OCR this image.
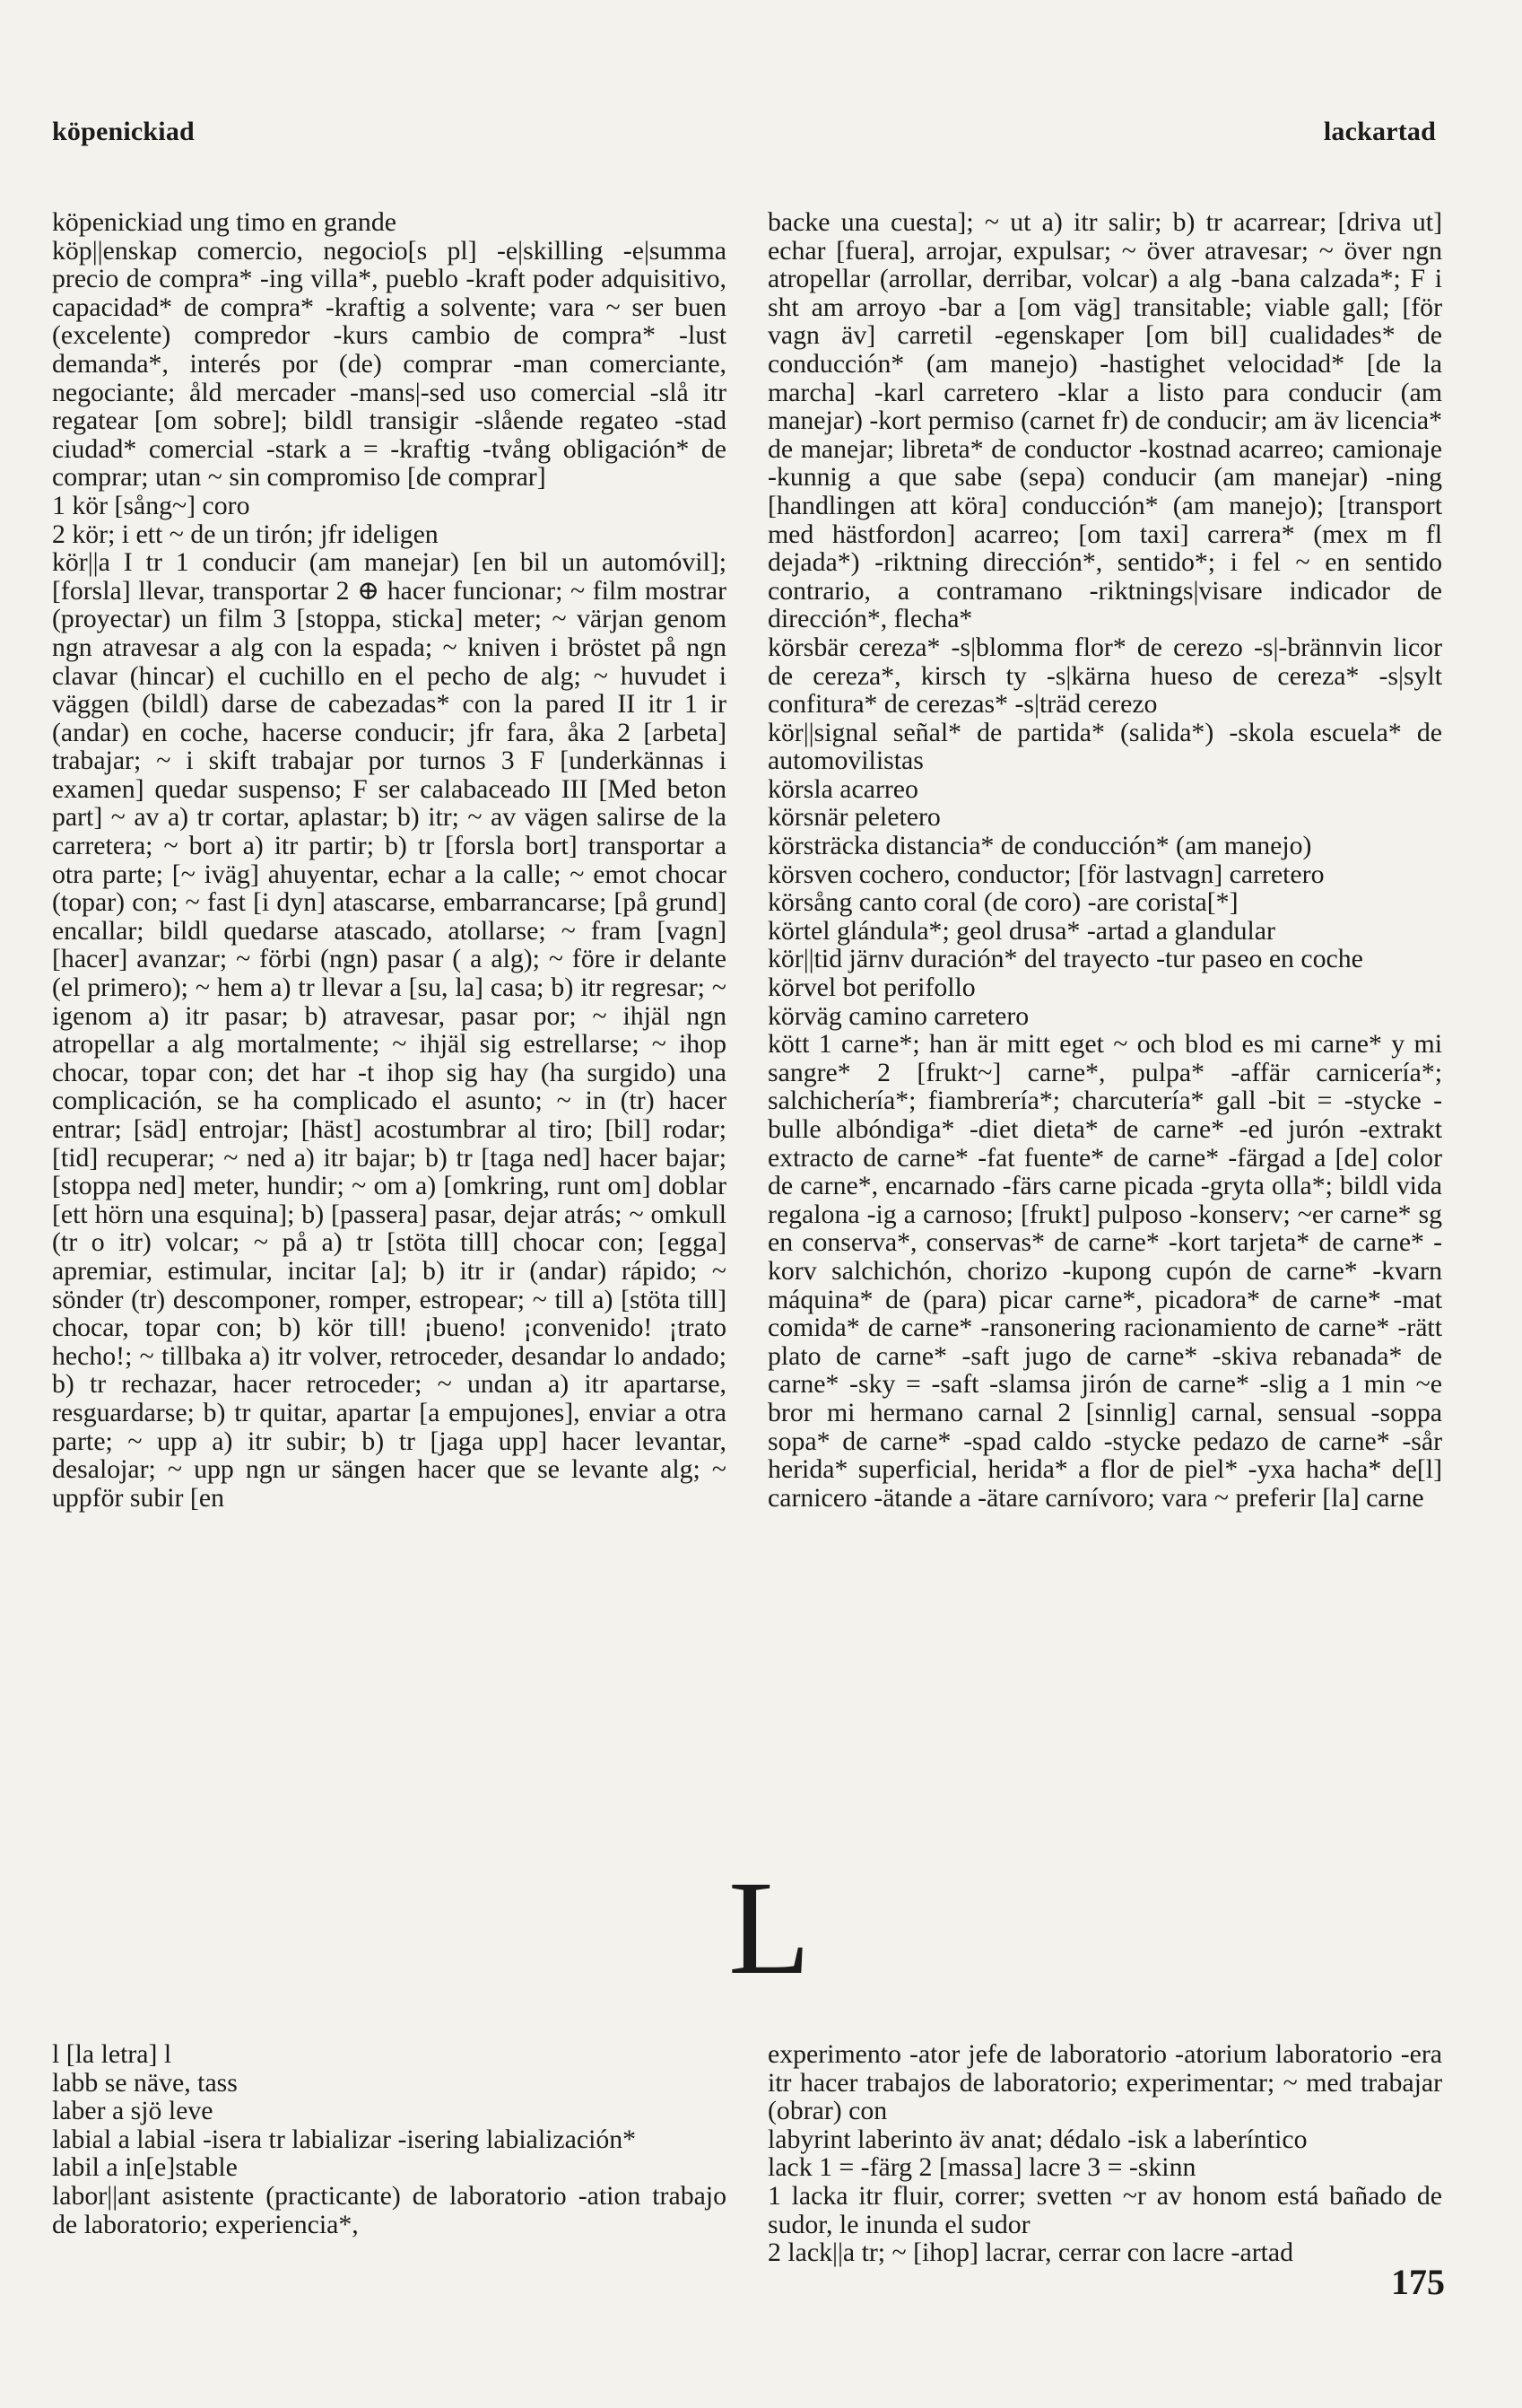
köpenickiad	lackartad

köpenickiad ung timo en grande

köp||enskap comercio, negocio[s pl] -e|skilling -e|summa precio de compra* -ing villa*, pueblo -kraft poder adquisitivo, capacidad* de compra* -kraftig a solvente; vara ~ ser buen (excelente) compredor -kurs cambio de compra* -lust demanda*, interés por (de) comprar -man comerciante, negociante; åld mercader -mans|-sed uso comercial -slå itr regatear [om sobre]; bildl transigir -slående regateo -stad ciudad* comercial -stark a = -kraftig -tvång obligación* de comprar; utan ~ sin compromiso [de comprar]

1 kör [sång~] coro

2 kör; i ett ~ de un tirón; jfr ideligen

kör||a I tr 1 conducir (am manejar) [en bil un automóvil]; [forsla] llevar, transportar 2 ⊕ hacer funcionar; ~ film mostrar (proyectar) un film 3 [stoppa, sticka] meter; ~ värjan genom ngn atravesar a alg con la espada; ~ kniven i bröstet på ngn clavar (hincar) el cuchillo en el pecho de alg; ~ huvudet i väggen (bildl) darse de cabezadas* con la pared II itr 1 ir (andar) en coche, hacerse conducir; jfr fara, åka 2 [arbeta] trabajar; ~ i skift trabajar por turnos 3 F [underkännas i examen] quedar suspenso; F ser calabaceado III [Med beton part] ~ av a) tr cortar, aplastar; b) itr; ~ av vägen salirse de la carretera; ~ bort a) itr partir; b) tr [forsla bort] transportar a otra parte; [~ iväg] ahuyentar, echar a la calle; ~ emot chocar (topar) con; ~ fast [i dyn] atascarse, embarrancarse; [på grund] encallar; bildl quedarse atascado, atollarse; ~ fram [vagn] [hacer] avanzar; ~ förbi (ngn) pasar ( a alg); ~ före ir delante (el primero); ~ hem a) tr llevar a [su, la] casa; b) itr regresar; ~ igenom a) itr pasar; b) atravesar, pasar por; ~ ihjäl ngn atropellar a alg mortalmente; ~ ihjäl sig estrellarse; ~ ihop chocar, topar con; det har -t ihop sig hay (ha surgido) una complicación, se ha complicado el asunto; ~ in (tr) hacer entrar; [säd] entrojar; [häst] acostumbrar al tiro; [bil] rodar; [tid] recuperar; ~ ned a) itr bajar; b) tr [taga ned] hacer bajar; [stoppa ned] meter, hundir; ~ om a) [omkring, runt om] doblar [ett hörn una esquina]; b) [passera] pasar, dejar atrás; ~ omkull (tr o itr) volcar; ~ på a) tr [stöta till] chocar con; [egga] apremiar, estimular, incitar [a]; b) itr ir (andar) rápido; ~ sönder (tr) descomponer, romper, estropear; ~ till a) [stöta till] chocar, topar con; b) kör till! ¡bueno! ¡convenido! ¡trato hecho!; ~ tillbaka a) itr volver, retroceder, desandar lo andado; b) tr rechazar, hacer retroceder; ~ undan a) itr apartarse, resguardarse; b) tr quitar, apartar [a empujones], enviar a otra parte; ~ upp a) itr subir; b) tr [jaga upp] hacer levantar, desalojar; ~ upp ngn ur sängen hacer que se levante alg; ~ uppför subir [en

backe una cuesta]; ~ ut a) itr salir; b) tr acarrear; [driva ut] echar [fuera], arrojar, expulsar; ~ över atravesar; ~ över ngn atropellar (arrollar, derribar, volcar) a alg -bana calzada*; F i sht am arroyo -bar a [om väg] transitable; viable gall; [för vagn äv] carretil -egenskaper [om bil] cualidades* de conducción* (am manejo) -hastighet velocidad* [de la marcha] -karl carretero -klar a listo para conducir (am manejar) -kort permiso (carnet fr) de conducir; am äv licencia* de manejar; libreta* de conductor -kostnad acarreo; camionaje -kunnig a que sabe (sepa) conducir (am manejar) -ning [handlingen att köra] conducción* (am manejo); [transport med hästfordon] acarreo; [om taxi] carrera* (mex m fl dejada*) -riktning dirección*, sentido*; i fel ~ en sentido contrario, a contramano -riktnings|visare indicador de dirección*, flecha*

körsbär cereza* -s|blomma flor* de cerezo -s|-brännvin licor de cereza*, kirsch ty -s|kärna hueso de cereza* -s|sylt confitura* de cerezas* -s|träd cerezo

kör||signal señal* de partida* (salida*) -skola escuela* de automovilistas

körsla acarreo

körsnär peletero

körsträcka distancia* de conducción* (am manejo)

körsven cochero, conductor; [för lastvagn] carretero

körsång canto coral (de coro) -are corista[*]

körtel glándula*; geol drusa* -artad a glandular

kör||tid järnv duración* del trayecto -tur paseo en coche

körvel bot perifollo

körväg camino carretero

kött 1 carne*; han är mitt eget ~ och blod es mi carne* y mi sangre* 2 [frukt~] carne*, pulpa* -affär carnicería*; salchichería*; fiambrería*; charcutería* gall -bit = -stycke -bulle albóndiga* -diet dieta* de carne* -ed jurón -extrakt extracto de carne* -fat fuente* de carne* -färgad a [de] color de carne*, encarnado -färs carne picada -gryta olla*; bildl vida regalona -ig a carnoso; [frukt] pulposo -konserv; ~er carne* sg en conserva*, conservas* de carne* -kort tarjeta* de carne* -korv salchichón, chorizo -kupong cupón de carne* -kvarn máquina* de (para) picar carne*, picadora* de carne* -mat comida* de carne* -ransonering racionamiento de carne* -rätt plato de carne* -saft jugo de carne* -skiva rebanada* de carne* -sky = -saft -slamsa jirón de carne* -slig a 1 min ~e bror mi hermano carnal 2 [sinnlig] carnal, sensual -soppa sopa* de carne* -spad caldo -stycke pedazo de carne* -sår herida* superficial, herida* a flor de piel* -yxa hacha* de[l] carnicero -ätande a -ätare carnívoro; vara ~ preferir [la] carne

L

l [la letra] l

labb se näve, tass

laber a sjö leve

labial a labial -isera tr labializar -isering labialización*

labil a in[e]stable

labor||ant asistente (practicante) de laboratorio -ation trabajo de laboratorio; experiencia*,

experimento -ator jefe de laboratorio -atorium laboratorio -era itr hacer trabajos de laboratorio; experimentar; ~ med trabajar (obrar) con

labyrint laberinto äv anat; dédalo -isk a laberíntico

lack 1 = -färg 2 [massa] lacre 3 = -skinn

1 lacka itr fluir, correr; svetten ~r av honom está bañado de sudor, le inunda el sudor

2 lack||a tr; ~ [ihop] lacrar, cerrar con lacre -artad

175
